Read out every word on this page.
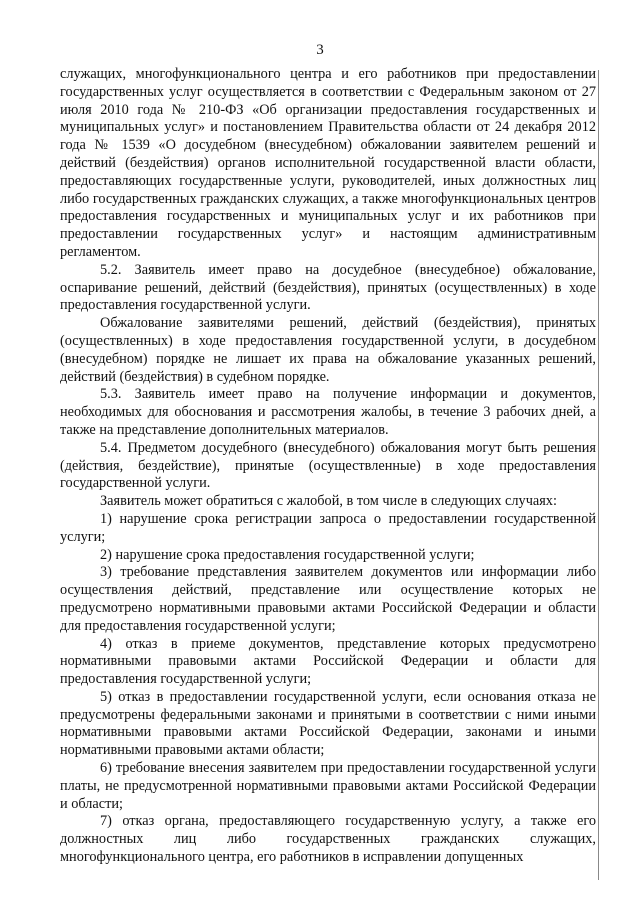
3

служащих, многофункционального центра и его работников при предоставлении государственных услуг осуществляется в соответствии с Федеральным законом от 27 июля 2010 года № 210-ФЗ «Об организации предоставления государственных и муниципальных услуг» и постановлением Правительства области от 24 декабря 2012 года № 1539 «О досудебном (внесудебном) обжаловании заявителем решений и действий (бездействия) органов исполнительной государственной власти области, предоставляющих государственные услуги, руководителей, иных должностных лиц либо государственных гражданских служащих, а также многофункциональных центров предоставления государственных и муниципальных услуг и их работников при предоставлении государственных услуг» и настоящим административным регламентом.

5.2. Заявитель имеет право на досудебное (внесудебное) обжалование, оспаривание решений, действий (бездействия), принятых (осуществленных) в ходе предоставления государственной услуги.

Обжалование заявителями решений, действий (бездействия), принятых (осуществленных) в ходе предоставления государственной услуги, в досудебном (внесудебном) порядке не лишает их права на обжалование указанных решений, действий (бездействия) в судебном порядке.

5.3. Заявитель имеет право на получение информации и документов, необходимых для обоснования и рассмотрения жалобы, в течение 3 рабочих дней, а также на представление дополнительных материалов.

5.4. Предметом досудебного (внесудебного) обжалования могут быть решения (действия, бездействие), принятые (осуществленные) в ходе предоставления государственной услуги.

Заявитель может обратиться с жалобой, в том числе в следующих случаях:

1) нарушение срока регистрации запроса о предоставлении государственной услуги;

2) нарушение срока предоставления государственной услуги;

3) требование представления заявителем документов или информации либо осуществления действий, представление или осуществление которых не предусмотрено нормативными правовыми актами Российской Федерации и области для предоставления государственной услуги;

4) отказ в приеме документов, представление которых предусмотрено нормативными правовыми актами Российской Федерации и области для предоставления государственной услуги;

5) отказ в предоставлении государственной услуги, если основания отказа не предусмотрены федеральными законами и принятыми в соответствии с ними иными нормативными правовыми актами Российской Федерации, законами и иными нормативными правовыми актами области;

6) требование внесения заявителем при предоставлении государственной услуги платы, не предусмотренной нормативными правовыми актами Российской Федерации и области;

7) отказ органа, предоставляющего государственную услугу, а также его должностных лиц либо государственных гражданских служащих, многофункционального центра, его работников в исправлении допущенных
